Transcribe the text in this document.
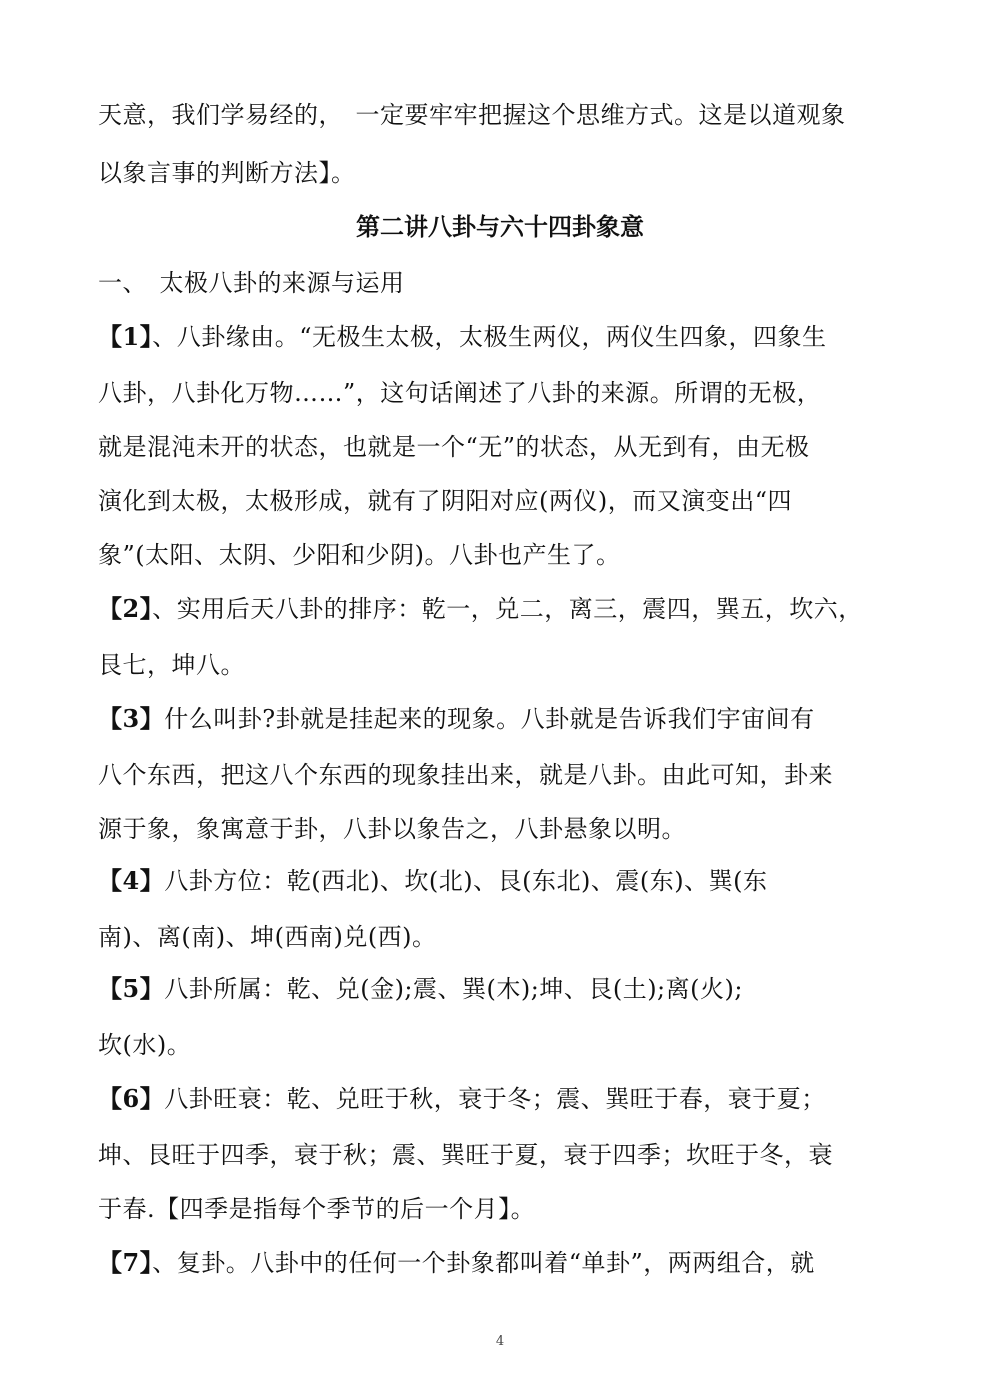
天意，我们学易经的，　一定要牢牢把握这个思维方式。这是以道观象
以象言事的判断方法】。
第二讲八卦与六十四卦象意
一、　太极八卦的来源与运用
【1】、八卦缘由。“无极生太极，太极生两仪，两仪生四象，四象生
八卦，八卦化万物……”，这句话阐述了八卦的来源。所谓的无极，
就是混沌未开的状态，也就是一个“无”的状态，从无到有，由无极
演化到太极，太极形成，就有了阴阳对应(两仪)，而又演变出“四
象”(太阳、太阴、少阳和少阴)。八卦也产生了。
【2】、实用后天八卦的排序：乾一，兑二，离三，震四，巽五，坎六，
艮七，坤八。
【3】什么叫卦?卦就是挂起来的现象。八卦就是告诉我们宇宙间有
八个东西，把这八个东西的现象挂出来，就是八卦。由此可知，卦来
源于象，象寓意于卦，八卦以象告之，八卦悬象以明。
【4】八卦方位：乾(西北)、坎(北)、艮(东北)、震(东)、巽(东
南)、离(南)、坤(西南)兑(西)。
【5】八卦所属：乾、兑(金);震、巽(木);坤、艮(土);离(火);
坎(水)。
【6】八卦旺衰：乾、兑旺于秋，衰于冬；震、巽旺于春，衰于夏；
坤、艮旺于四季，衰于秋；震、巽旺于夏，衰于四季；坎旺于冬，衰
于春.【四季是指每个季节的后一个月】。
【7】、复卦。八卦中的任何一个卦象都叫着“单卦”，两两组合，就
4
